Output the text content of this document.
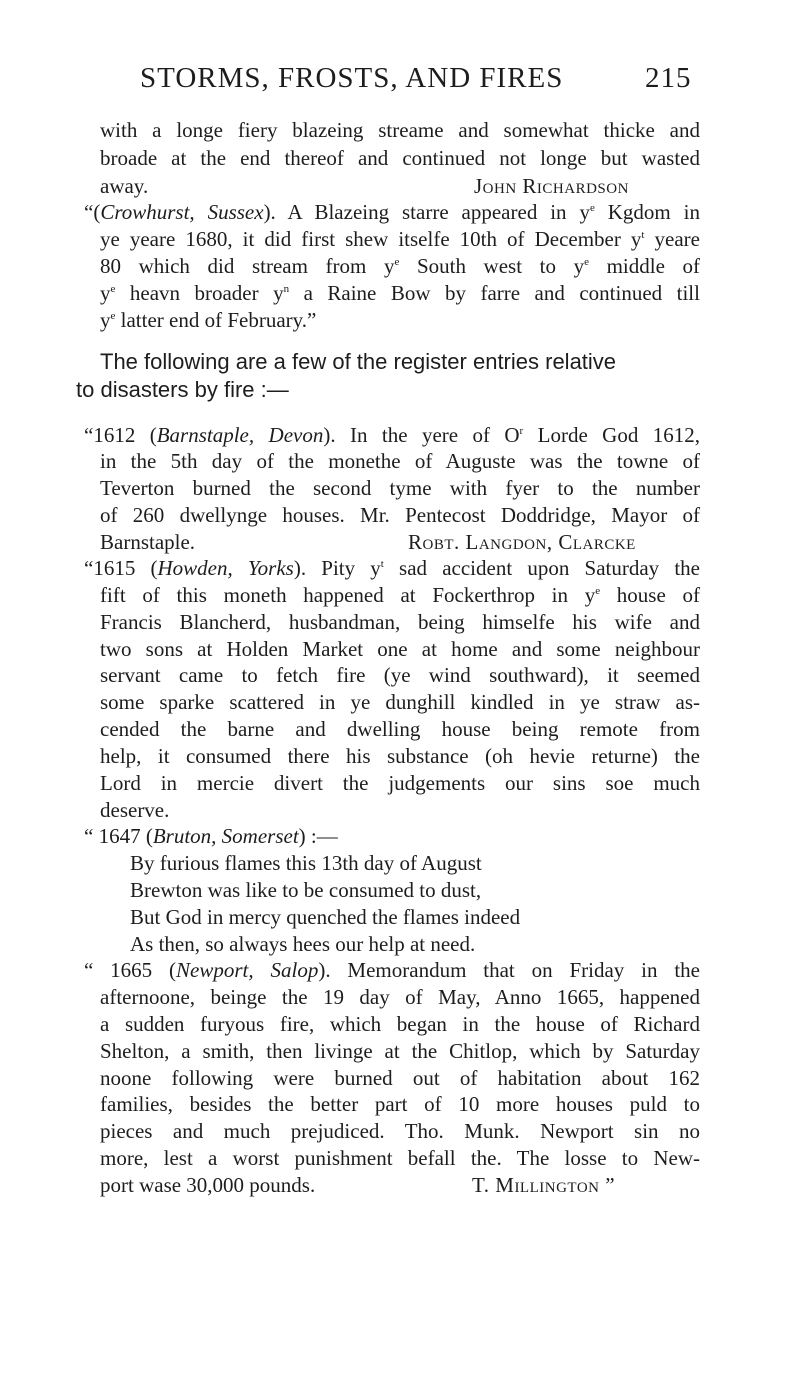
STORMS, FROSTS, AND FIRES	215
with a longe fiery blazeing streame and somewhat thicke and
broade at the end thereof and continued not longe but wasted
away.	John Richardson
“(Crowhurst, Sussex). A Blazeing starre appeared in $y^e$ Kgdom in
ye yeare 1680, it did first shew itselfe 10th of December $y^t$ yeare
80 which did stream from $y^e$ South west to $y^e$ middle of
$y^e$ heavn broader $y^n$ a Raine Bow by farre and continued till
$y^e$ latter end of February.”
The following are a few of the register entries relative
to disasters by fire :—
“1612 (Barnstaple, Devon). In the yere of $O^r$ Lorde God 1612,
in the 5th day of the monethe of Auguste was the towne of
Teverton burned the second tyme with fyer to the number
of 260 dwellynge houses. Mr. Pentecost Doddridge, Mayor of
Barnstaple.	Robt. Langdon, Clarcke
“1615 (Howden, Yorks). Pity $y^t$ sad accident upon Saturday the
fift of this moneth happened at Fockerthrop in $y^e$ house of
Francis Blancherd, husbandman, being himselfe his wife and
two sons at Holden Market one at home and some neighbour
servant came to fetch fire (ye wind southward), it seemed
some sparke scattered in ye dunghill kindled in ye straw as-
cended the barne and dwelling house being remote from
help, it consumed there his substance (oh hevie returne) the
Lord in mercie divert the judgements our sins soe much
deserve.
“ 1647 (Bruton, Somerset) :—
By furious flames this 13th day of August
Brewton was like to be consumed to dust,
But God in mercy quenched the flames indeed
As then, so always hees our help at need.
“ 1665 (Newport, Salop). Memorandum that on Friday in the
afternoone, beinge the 19 day of May, Anno 1665, happened
a sudden furyous fire, which began in the house of Richard
Shelton, a smith, then livinge at the Chitlop, which by Saturday
noone following were burned out of habitation about 162
families, besides the better part of 10 more houses puld to
pieces and much prejudiced. Tho. Munk. Newport sin no
more, lest a worst punishment befall the. The losse to New-
port wase 30,000 pounds.	T. Millington ”
